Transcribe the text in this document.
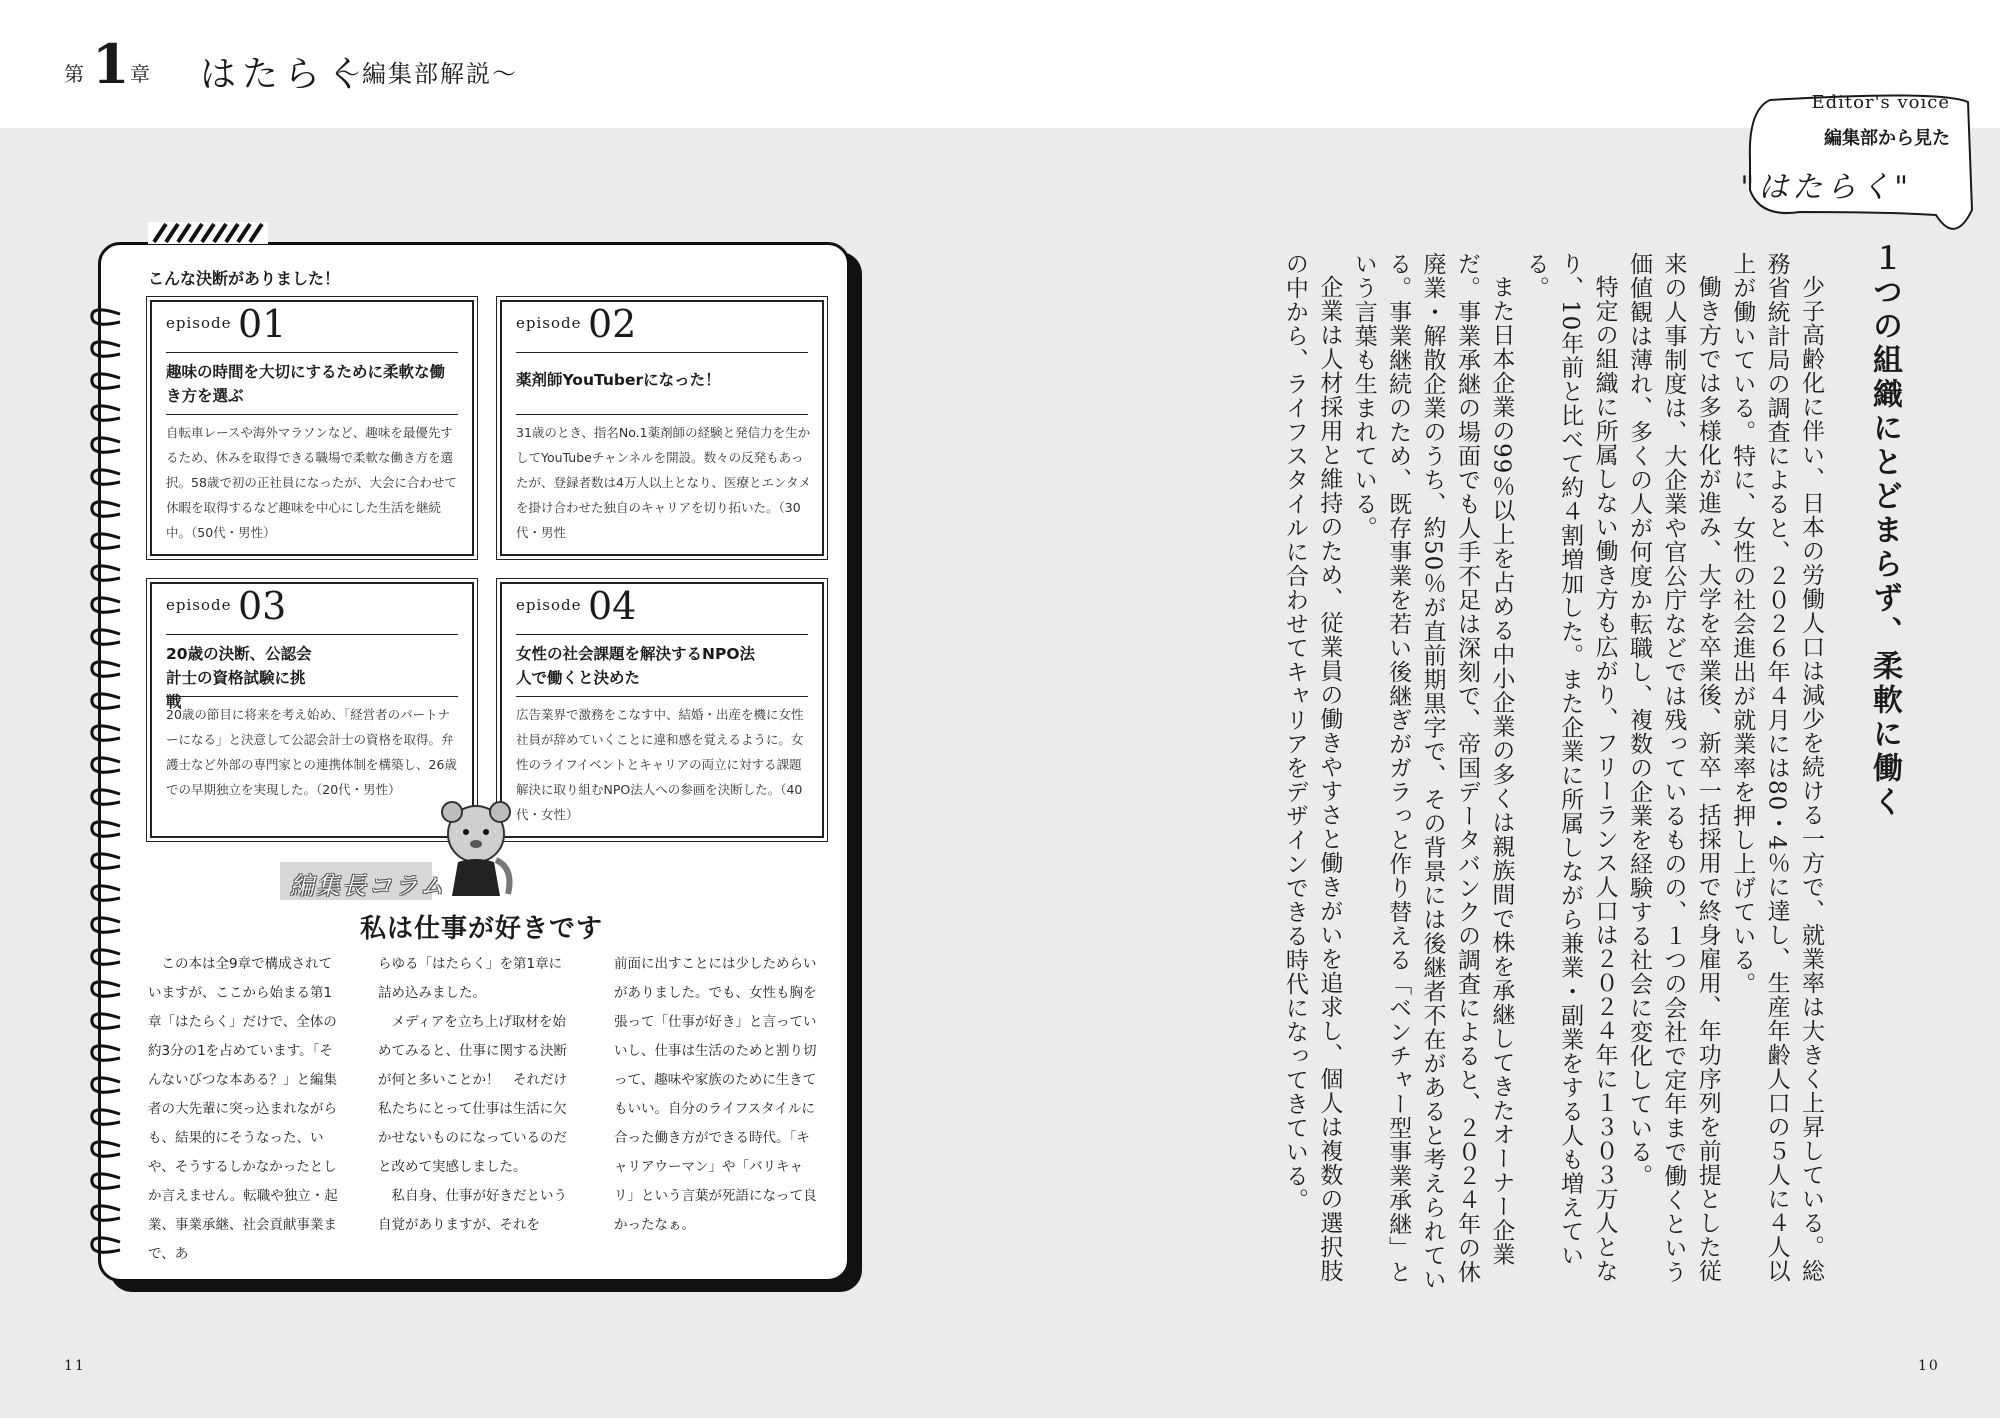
第 1 章 はたらく
〜編集部解説〜
Editor's voice
編集部から見た
"はたらく"
こんな決断がありました！
episode 01
趣味の時間を大切にするために柔軟な働き方を選ぶ
自転車レースや海外マラソンなど、趣味を最優先するため、休みを取得できる職場で柔軟な働き方を選択。58歳で初の正社員になったが、大会に合わせて休暇を取得するなど趣味を中心にした生活を継続中。（50代・男性）
episode 02
薬剤師YouTuberになった！
31歳のとき、指名No.1薬剤師の経験と発信力を生かしてYouTubeチャンネルを開設。数々の反発もあったが、登録者数は4万人以上となり、医療とエンタメを掛け合わせた独自のキャリアを切り拓いた。（30代・男性
episode 03
20歳の決断、公認会計士の資格試験に挑戦
20歳の節目に将来を考え始め、「経営者のパートナーになる」と決意して公認会計士の資格を取得。弁護士など外部の専門家との連携体制を構築し、26歳での早期独立を実現した。（20代・男性）
episode 04
女性の社会課題を解決するNPO法人で働くと決めた
広告業界で激務をこなす中、結婚・出産を機に女性社員が辞めていくことに違和感を覚えるように。女性のライフイベントとキャリアの両立に対する課題解決に取り組むNPO法人への参画を決断した。（40代・女性）
編集長コラム
私は仕事が好きです
　この本は全9章で構成されていますが、ここから始まる第1章「はたらく」だけで、全体の約3分の1を占めています。「そんないびつな本ある？」と編集者の大先輩に突っ込まれながらも、結果的にそうなった、いや、そうするしかなかったとしか言えません。転職や独立・起業、事業承継、社会貢献事業まで、あ
らゆる「はたらく」を第1章に詰め込みました。
　メディアを立ち上げ取材を始めてみると、仕事に関する決断が何と多いことか！　それだけ私たちにとって仕事は生活に欠かせないものになっているのだと改めて実感しました。
　私自身、仕事が好きだという自覚がありますが、それを
前面に出すことには少しためらいがありました。でも、女性も胸を張って「仕事が好き」と言っていいし、仕事は生活のためと割り切って、趣味や家族のために生きてもいい。自分のライフスタイルに合った働き方ができる時代。「キャリアウーマン」や「バリキャリ」という言葉が死語になって良かったなぁ。
１つの組織にとどまらず、柔軟に働く

少子高齢化に伴い、日本の労働人口は減少を続ける一方で、就業率は大きく上昇している。総務省統計局の調査によると、２０２６年４月には80・4％に達し、生産年齢人口の５人に４人以上が働いている。特に、女性の社会進出が就業率を押し上げている。

働き方では多様化が進み、大学を卒業後、新卒一括採用で終身雇用、年功序列を前提とした従来の人事制度は、大企業や官公庁などでは残っているものの、１つの会社で定年まで働くという価値観は薄れ、多くの人が何度か転職し、複数の企業を経験する社会に変化している。

特定の組織に所属しない働き方も広がり、フリーランス人口は２０２４年に１３０３万人となり、10年前と比べて約４割増加した。また企業に所属しながら兼業・副業をする人も増えている。

また日本企業の99％以上を占める中小企業の多くは親族間で株を承継してきたオーナー企業だ。事業承継の場面でも人手不足は深刻で、帝国データバンクの調査によると、２０２４年の休廃業・解散企業のうち、約50％が直前期黒字で、その背景には後継者不在があると考えられている。事業継続のため、既存事業を若い後継ぎがガラっと作り替える「ベンチャー型事業承継」という言葉も生まれている。

企業は人材採用と維持のため、従業員の働きやすさと働きがいを追求し、個人は複数の選択肢の中から、ライフスタイルに合わせてキャリアをデザインできる時代になってきている。

11	10
